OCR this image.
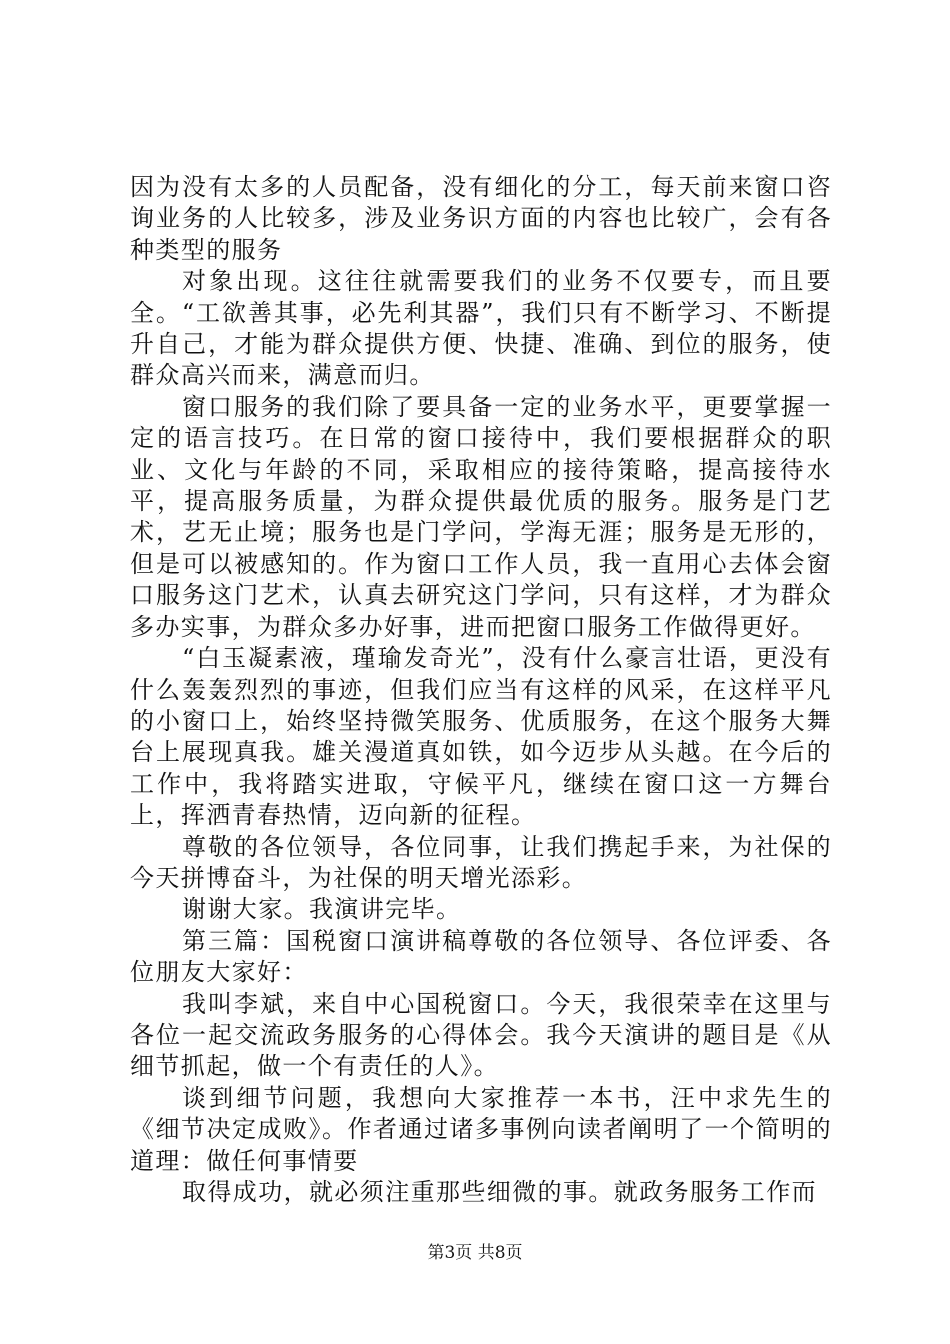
因为没有太多的人员配备，没有细化的分工，每天前来窗口咨询业务的人比较多，涉及业务识方面的内容也比较广，会有各种类型的服务

对象出现。这往往就需要我们的业务不仅要专，而且要全。“工欲善其事，必先利其器”，我们只有不断学习、不断提升自己，才能为群众提供方便、快捷、准确、到位的服务，使群众高兴而来，满意而归。

窗口服务的我们除了要具备一定的业务水平，更要掌握一定的语言技巧。在日常的窗口接待中，我们要根据群众的职业、文化与年龄的不同，采取相应的接待策略，提高接待水平，提高服务质量，为群众提供最优质的服务。服务是门艺术，艺无止境；服务也是门学问，学海无涯；服务是无形的，但是可以被感知的。作为窗口工作人员，我一直用心去体会窗口服务这门艺术，认真去研究这门学问，只有这样，才为群众多办实事，为群众多办好事，进而把窗口服务工作做得更好。

“白玉凝素液，瑾瑜发奇光”，没有什么豪言壮语，更没有什么轰轰烈烈的事迹，但我们应当有这样的风采，在这样平凡的小窗口上，始终坚持微笑服务、优质服务，在这个服务大舞台上展现真我。雄关漫道真如铁，如今迈步从头越。在今后的工作中，我将踏实进取，守候平凡，继续在窗口这一方舞台上，挥洒青春热情，迈向新的征程。

尊敬的各位领导，各位同事，让我们携起手来，为社保的今天拼博奋斗，为社保的明天增光添彩。

谢谢大家。我演讲完毕。

第三篇：国税窗口演讲稿尊敬的各位领导、各位评委、各位朋友大家好：

我叫李斌，来自中心国税窗口。今天，我很荣幸在这里与各位一起交流政务服务的心得体会。我今天演讲的题目是《从细节抓起，做一个有责任的人》。

谈到细节问题，我想向大家推荐一本书，汪中求先生的《细节决定成败》。作者通过诸多事例向读者阐明了一个简明的道理：做任何事情要

取得成功，就必须注重那些细微的事。就政务服务工作而

第3页 共8页
